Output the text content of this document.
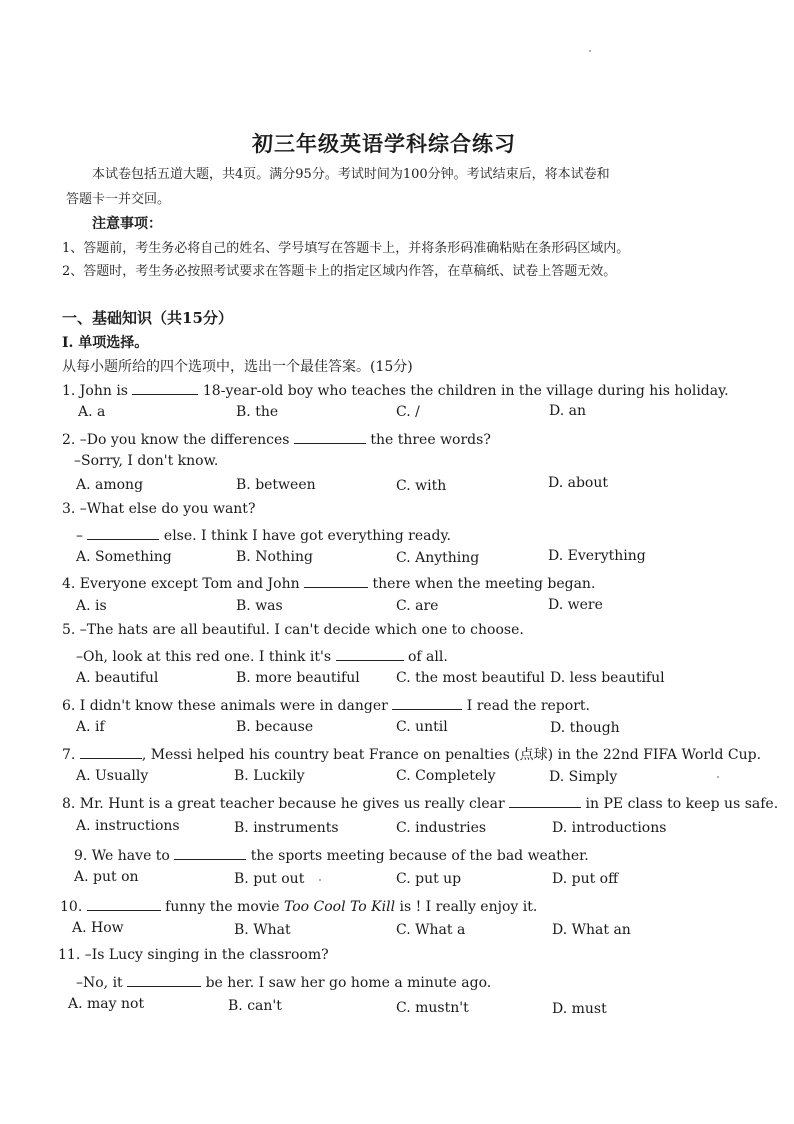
初三年级英语学科综合练习
本试卷包括五道大题，共4页。满分95分。考试时间为100分钟。考试结束后，将本试卷和
答题卡一并交回。
注意事项：
1、答题前，考生务必将自己的姓名、学号填写在答题卡上，并将条形码准确粘贴在条形码区域内。
2、答题时，考生务必按照考试要求在答题卡上的指定区域内作答，在草稿纸、试卷上答题无效。
一、基础知识（共15分）
I. 单项选择。
从每小题所给的四个选项中，选出一个最佳答案。(15分)
1. John is	18-year-old boy who teaches the children in the village during his holiday.
A. a	B. the	C. /	D. an
2. –Do you know the differences	the three words?
–Sorry, I don't know.
A. among	B. between	C. with	D. about
3. –What else do you want?
–	else. I think I have got everything ready.
A. Something	B. Nothing	C. Anything	D. Everything
4. Everyone except Tom and John	there when the meeting began.
A. is	B. was	C. are	D. were
5. –The hats are all beautiful. I can't decide which one to choose.
–Oh, look at this red one. I think it's	of all.
A. beautiful	B. more beautiful	C. the most beautiful D. less beautiful
6. I didn't know these animals were in danger	I read the report.
A. if	B. because	C. until	D. though
7.	, Messi helped his country beat France on penalties (点球) in the 22nd FIFA World Cup.
A. Usually	B. Luckily	C. Completely	D. Simply
8. Mr. Hunt is a great teacher because he gives us really clear	in PE class to keep us safe.
A. instructions	B. instruments	C. industries	D. introductions
9. We have to	the sports meeting because of the bad weather.
A. put on	B. put out	C. put up	D. put off
10.	funny the movie Too Cool To Kill is ! I really enjoy it.
A. How	B. What	C. What a	D. What an
11. –Is Lucy singing in the classroom?
–No, it	be her. I saw her go home a minute ago.
A. may not	B. can't	C. mustn't	D. must
